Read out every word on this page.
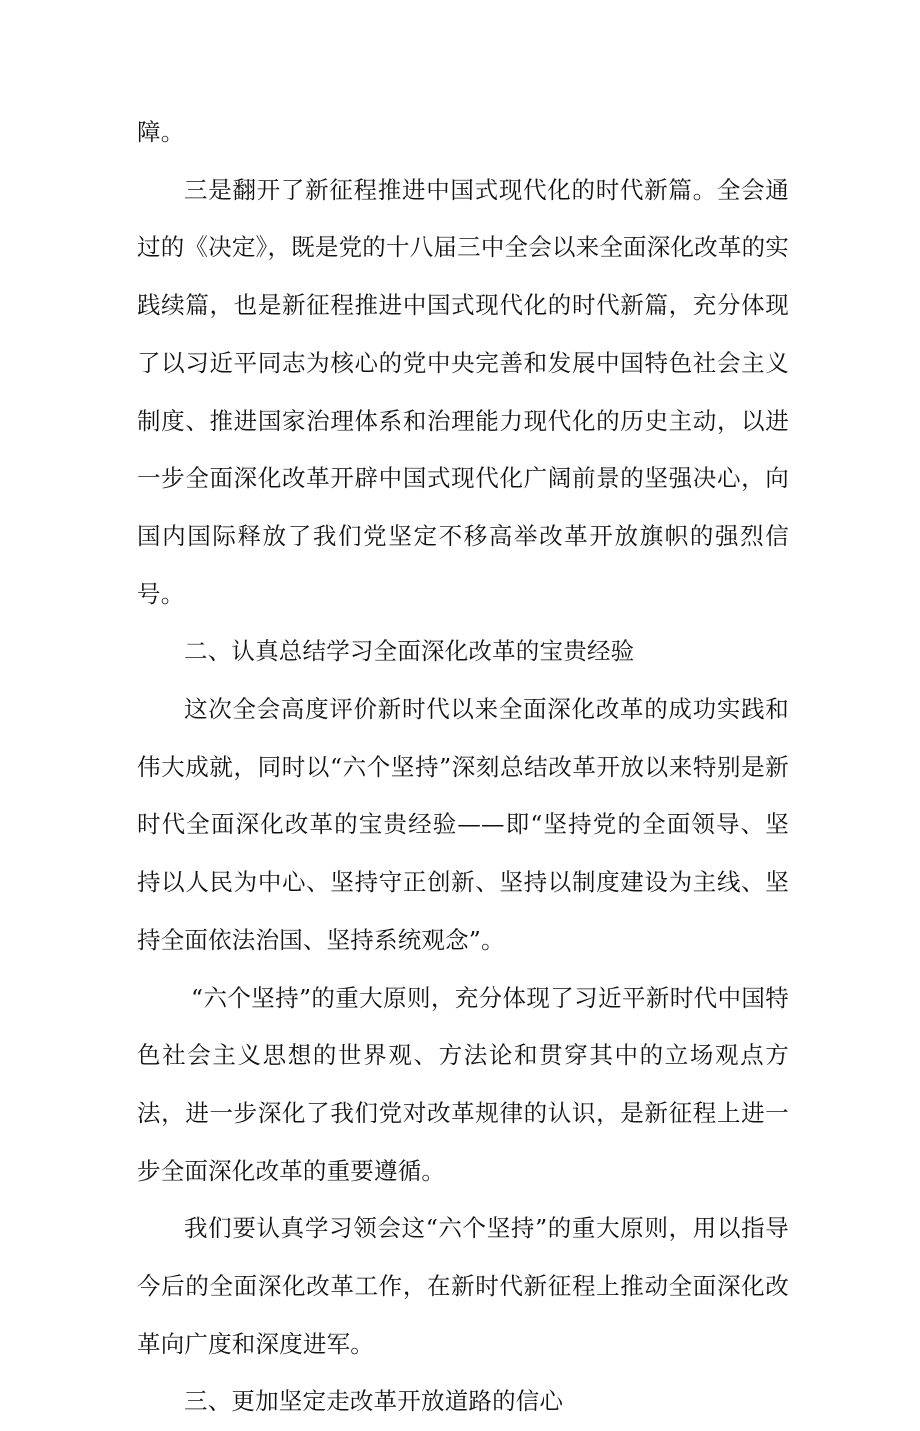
障。

三是翻开了新征程推进中国式现代化的时代新篇。全会通过的《决定》，既是党的十八届三中全会以来全面深化改革的实践续篇，也是新征程推进中国式现代化的时代新篇，充分体现了以习近平同志为核心的党中央完善和发展中国特色社会主义制度、推进国家治理体系和治理能力现代化的历史主动，以进一步全面深化改革开辟中国式现代化广阔前景的坚强决心，向国内国际释放了我们党坚定不移高举改革开放旗帜的强烈信号。

二、认真总结学习全面深化改革的宝贵经验

这次全会高度评价新时代以来全面深化改革的成功实践和伟大成就，同时以“六个坚持”深刻总结改革开放以来特别是新时代全面深化改革的宝贵经验——即“坚持党的全面领导、坚持以人民为中心、坚持守正创新、坚持以制度建设为主线、坚持全面依法治国、坚持系统观念”。

“六个坚持”的重大原则，充分体现了习近平新时代中国特色社会主义思想的世界观、方法论和贯穿其中的立场观点方法，进一步深化了我们党对改革规律的认识，是新征程上进一步全面深化改革的重要遵循。

我们要认真学习领会这“六个坚持”的重大原则，用以指导今后的全面深化改革工作，在新时代新征程上推动全面深化改革向广度和深度进军。

三、更加坚定走改革开放道路的信心
